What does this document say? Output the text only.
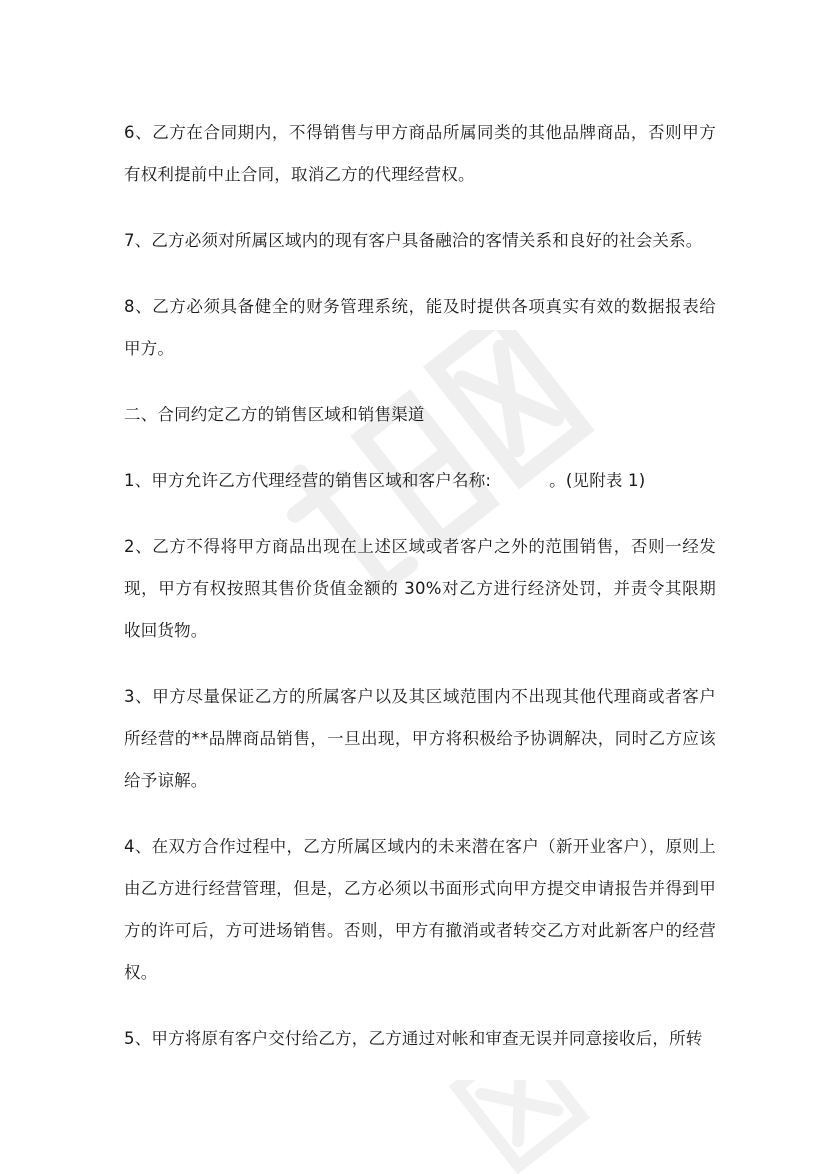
6、乙方在合同期内，不得销售与甲方商品所属同类的其他品牌商品，否则甲方有权利提前中止合同，取消乙方的代理经营权。

7、乙方必须对所属区域内的现有客户具备融洽的客情关系和良好的社会关系。

8、乙方必须具备健全的财务管理系统，能及时提供各项真实有效的数据报表给甲方。

二、合同约定乙方的销售区域和销售渠道

1、甲方允许乙方代理经营的销售区域和客户名称:	。(见附表 1)

2、乙方不得将甲方商品出现在上述区域或者客户之外的范围销售，否则一经发现，甲方有权按照其售价货值金额的 30%对乙方进行经济处罚，并责令其限期收回货物。

3、甲方尽量保证乙方的所属客户以及其区域范围内不出现其他代理商或者客户所经营的**品牌商品销售，一旦出现，甲方将积极给予协调解决，同时乙方应该给予谅解。

4、在双方合作过程中，乙方所属区域内的未来潜在客户（新开业客户），原则上由乙方进行经营管理，但是，乙方必须以书面形式向甲方提交申请报告并得到甲方的许可后，方可进场销售。否则，甲方有撤消或者转交乙方对此新客户的经营权。

5、甲方将原有客户交付给乙方，乙方通过对帐和审查无误并同意接收后，所转
